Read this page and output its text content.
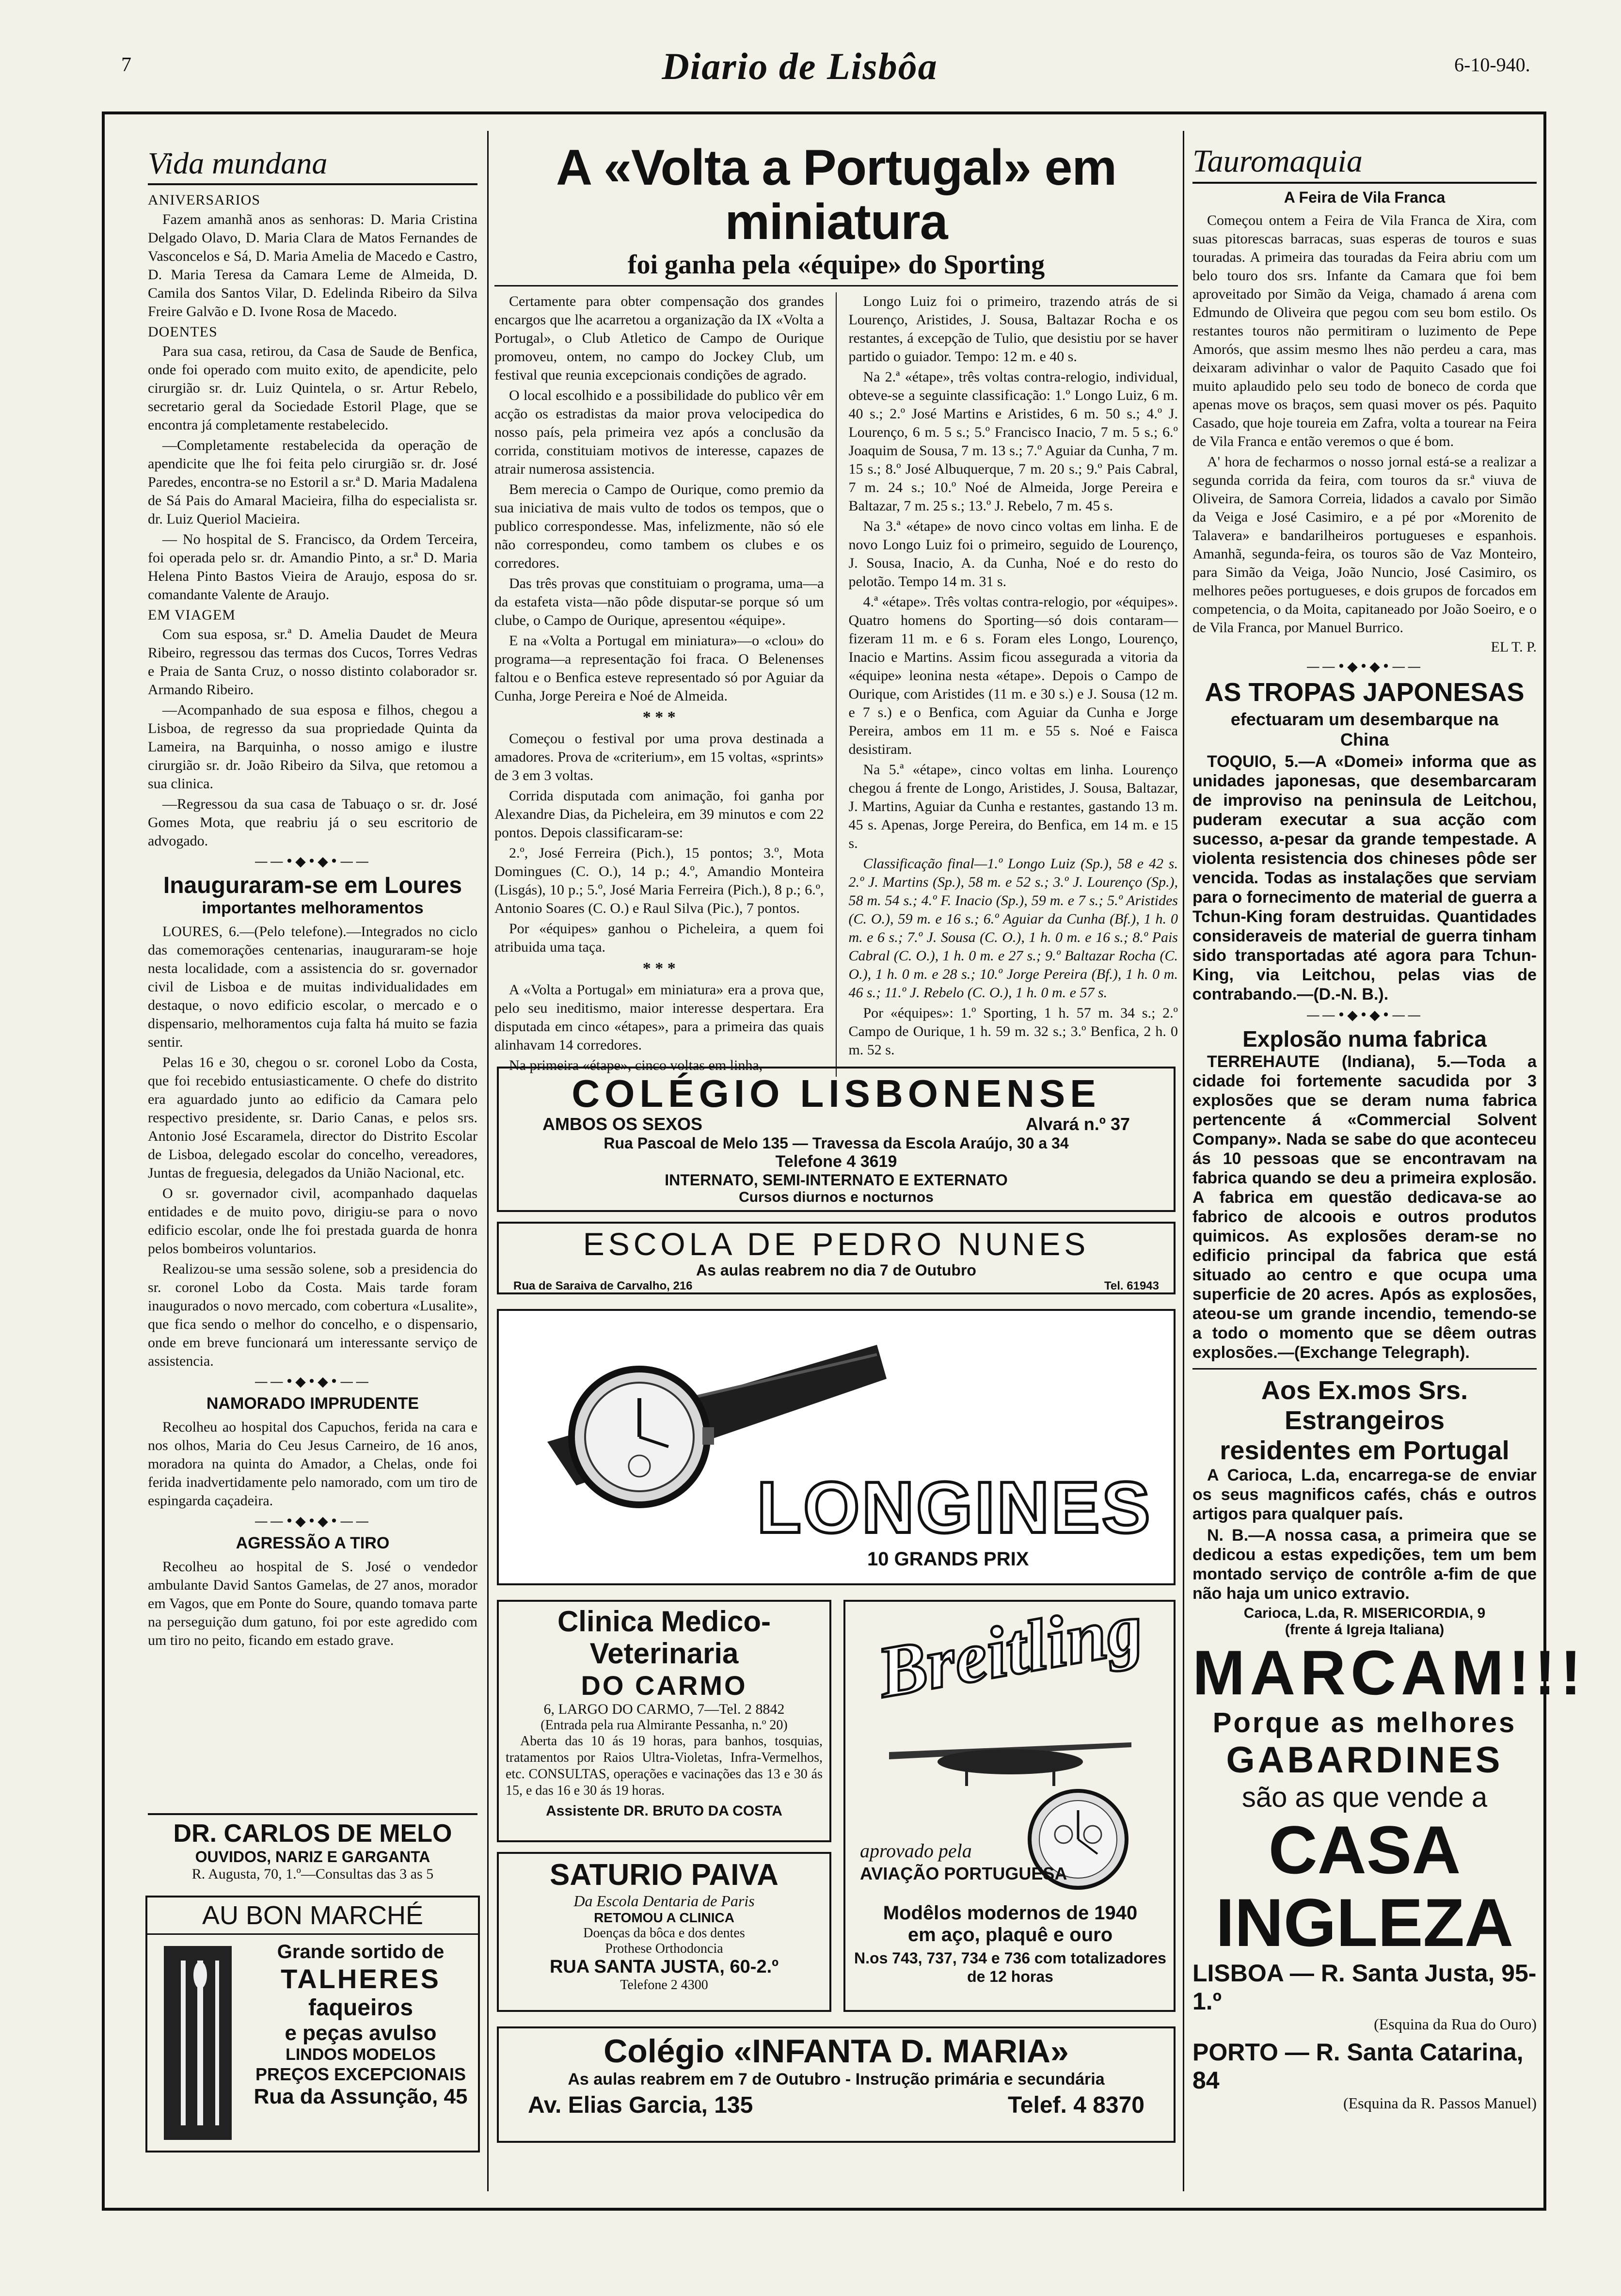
7	Diario de Lisbôa	6-10-940.
Vida mundana
ANIVERSARIOS

Fazem amanhã anos as senhoras: D. Maria Cristina Delgado Olavo, D. Maria Clara de Matos Fernandes de Vasconcelos e Sá, D. Maria Amelia de Macedo e Castro, D. Maria Teresa da Camara Leme de Almeida, D. Camila dos Santos Vilar, D. Edelinda Ribeiro da Silva Freire Galvão e D. Ivone Rosa de Macedo.

DOENTES

Para sua casa, retirou, da Casa de Saude de Benfica, onde foi operado com muito exito, de apendicite, pelo cirurgião sr. dr. Luiz Quintela, o sr. Artur Rebelo, secretario geral da Sociedade Estoril Plage, que se encontra já completamente restabelecido.

—Completamente restabelecida da operação de apendicite que lhe foi feita pelo cirurgião sr. dr. José Paredes, encontra-se no Estoril a sr.ª D. Maria Madalena de Sá Pais do Amaral Macieira, filha do especialista sr. dr. Luiz Queriol Macieira.

— No hospital de S. Francisco, da Ordem Terceira, foi operada pelo sr. dr. Amandio Pinto, a sr.ª D. Maria Helena Pinto Bastos Vieira de Araujo, esposa do sr. comandante Valente de Araujo.

EM VIAGEM

Com sua esposa, sr.ª D. Amelia Daudet de Meura Ribeiro, regressou das termas dos Cucos, Torres Vedras e Praia de Santa Cruz, o nosso distinto colaborador sr. Armando Ribeiro.

—Acompanhado de sua esposa e filhos, chegou a Lisboa, de regresso da sua propriedade Quinta da Lameira, na Barquinha, o nosso amigo e ilustre cirurgião sr. dr. João Ribeiro da Silva, que retomou a sua clinica.

—Regressou da sua casa de Tabuaço o sr. dr. José Gomes Mota, que reabriu já o seu escritorio de advogado.

——•◆•◆•——
Inauguraram-se em Loures
importantes melhoramentos

LOURES, 6.—(Pelo telefone).—Integrados no ciclo das comemorações centenarias, inauguraram-se hoje nesta localidade, com a assistencia do sr. governador civil de Lisboa e de muitas individualidades em destaque, o novo edificio escolar, o mercado e o dispensario, melhoramentos cuja falta há muito se fazia sentir.

Pelas 16 e 30, chegou o sr. coronel Lobo da Costa, que foi recebido entusiasticamente. O chefe do distrito era aguardado junto ao edificio da Camara pelo respectivo presidente, sr. Dario Canas, e pelos srs. Antonio José Escaramela, director do Distrito Escolar de Lisboa, delegado escolar do concelho, vereadores, Juntas de freguesia, delegados da União Nacional, etc.

O sr. governador civil, acompanhado daquelas entidades e de muito povo, dirigiu-se para o novo edificio escolar, onde lhe foi prestada guarda de honra pelos bombeiros voluntarios.

Realizou-se uma sessão solene, sob a presidencia do sr. coronel Lobo da Costa. Mais tarde foram inaugurados o novo mercado, com cobertura «Lusalite», que fica sendo o melhor do concelho, e o dispensario, onde em breve funcionará um interessante serviço de assistencia.

——•◆•◆•——
NAMORADO IMPRUDENTE

Recolheu ao hospital dos Capuchos, ferida na cara e nos olhos, Maria do Ceu Jesus Carneiro, de 16 anos, moradora na quinta do Amador, a Chelas, onde foi ferida inadvertidamente pelo namorado, com um tiro de espingarda caçadeira.

——•◆•◆•——
AGRESSÃO A TIRO

Recolheu ao hospital de S. José o vendedor ambulante David Santos Gamelas, de 27 anos, morador em Vagos, que em Ponte do Soure, quando tomava parte na perseguição dum gatuno, foi por este agredido com um tiro no peito, ficando em estado grave.

DR. CARLOS DE MELO
OUVIDOS, NARIZ E GARGANTA
R. Augusta, 70, 1.º—Consultas das 3 as 5
AU BON MARCHÉ
Grande sortido de
TALHERES
faqueiros
e peças avulso
LINDOS MODELOS
PREÇOS EXCEPCIONAIS
Rua da Assunção, 45
A «Volta a Portugal» em miniatura
foi ganha pela «équipe» do Sporting

Certamente para obter compensação dos grandes encargos que lhe acarretou a organização da IX «Volta a Portugal», o Club Atletico de Campo de Ourique promoveu, ontem, no campo do Jockey Club, um festival que reunia excepcionais condições de agrado.

O local escolhido e a possibilidade do publico vêr em acção os estradistas da maior prova velocipedica do nosso país, pela primeira vez após a conclusão da corrida, constituiam motivos de interesse, capazes de atrair numerosa assistencia.

Bem merecia o Campo de Ourique, como premio da sua iniciativa de mais vulto de todos os tempos, que o publico correspondesse. Mas, infelizmente, não só ele não correspondeu, como tambem os clubes e os corredores.

Das três provas que constituiam o programa, uma—a da estafeta vista—não pôde disputar-se porque só um clube, o Campo de Ourique, apresentou «équipe».

E na «Volta a Portugal em miniatura»—o «clou» do programa—a representação foi fraca. O Belenenses faltou e o Benfica esteve representado só por Aguiar da Cunha, Jorge Pereira e Noé de Almeida.

* * *

Começou o festival por uma prova destinada a amadores. Prova de «criterium», em 15 voltas, «sprints» de 3 em 3 voltas.

Corrida disputada com animação, foi ganha por Alexandre Dias, da Picheleira, em 39 minutos e com 22 pontos. Depois classificaram-se:

2.º, José Ferreira (Pich.), 15 pontos; 3.º, Mota Domingues (C. O.), 14 p.; 4.º, Amandio Monteira (Lisgás), 10 p.; 5.º, José Maria Ferreira (Pich.), 8 p.; 6.º, Antonio Soares (C. O.) e Raul Silva (Pic.), 7 pontos.

Por «équipes» ganhou o Picheleira, a quem foi atribuida uma taça.

* * *

A «Volta a Portugal» em miniatura» era a prova que, pelo seu ineditismo, maior interesse despertara. Era disputada em cinco «étapes», para a primeira das quais alinhavam 14 corredores.

Na primeira «étape», cinco voltas em linha,

Longo Luiz foi o primeiro, trazendo atrás de si Lourenço, Aristides, J. Sousa, Baltazar Rocha e os restantes, á excepção de Tulio, que desistiu por se haver partido o guiador. Tempo: 12 m. e 40 s.

Na 2.ª «étape», três voltas contra-relogio, individual, obteve-se a seguinte classificação: 1.º Longo Luiz, 6 m. 40 s.; 2.º José Martins e Aristides, 6 m. 50 s.; 4.º J. Lourenço, 6 m. 5 s.; 5.º Francisco Inacio, 7 m. 5 s.; 6.º Joaquim de Sousa, 7 m. 13 s.; 7.º Aguiar da Cunha, 7 m. 15 s.; 8.º José Albuquerque, 7 m. 20 s.; 9.º Pais Cabral, 7 m. 24 s.; 10.º Noé de Almeida, Jorge Pereira e Baltazar, 7 m. 25 s.; 13.º J. Rebelo, 7 m. 45 s.

Na 3.ª «étape» de novo cinco voltas em linha. E de novo Longo Luiz foi o primeiro, seguido de Lourenço, J. Sousa, Inacio, A. da Cunha, Noé e do resto do pelotão. Tempo 14 m. 31 s.

4.ª «étape». Três voltas contra-relogio, por «équipes». Quatro homens do Sporting—só dois contaram—fizeram 11 m. e 6 s. Foram eles Longo, Lourenço, Inacio e Martins. Assim ficou assegurada a vitoria da «équipe» leonina nesta «étape». Depois o Campo de Ourique, com Aristides (11 m. e 30 s.) e J. Sousa (12 m. e 7 s.) e o Benfica, com Aguiar da Cunha e Jorge Pereira, ambos em 11 m. e 55 s. Noé e Faisca desistiram.

Na 5.ª «étape», cinco voltas em linha. Lourenço chegou á frente de Longo, Aristides, J. Sousa, Baltazar, J. Martins, Aguiar da Cunha e restantes, gastando 13 m. 45 s. Apenas, Jorge Pereira, do Benfica, em 14 m. e 15 s.

Classificação final—1.º Longo Luiz (Sp.), 58 e 42 s. 2.º J. Martins (Sp.), 58 m. e 52 s.; 3.º J. Lourenço (Sp.), 58 m. 54 s.; 4.º F. Inacio (Sp.), 59 m. e 7 s.; 5.º Aristides (C. O.), 59 m. e 16 s.; 6.º Aguiar da Cunha (Bf.), 1 h. 0 m. e 6 s.; 7.º J. Sousa (C. O.), 1 h. 0 m. e 16 s.; 8.º Pais Cabral (C. O.), 1 h. 0 m. e 27 s.; 9.º Baltazar Rocha (C. O.), 1 h. 0 m. e 28 s.; 10.º Jorge Pereira (Bf.), 1 h. 0 m. 46 s.; 11.º J. Rebelo (C. O.), 1 h. 0 m. e 57 s.

Por «équipes»: 1.º Sporting, 1 h. 57 m. 34 s.; 2.º Campo de Ourique, 1 h. 59 m. 32 s.; 3.º Benfica, 2 h. 0 m. 52 s.

COLÉGIO LISBONENSE
AMBOS OS SEXOS	Alvará n.º 37
Rua Pascoal de Melo 135 — Travessa da Escola Araújo, 30 a 34
Telefone 4 3619
INTERNATO, SEMI-INTERNATO E EXTERNATO
Cursos diurnos e nocturnos
ESCOLA DE PEDRO NUNES
As aulas reabrem no dia 7 de Outubro
Rua de Saraiva de Carvalho, 216	Tel. 61943
LONGINES
10 GRANDS PRIX
Clinica Medico-Veterinaria
DO CARMO
6, LARGO DO CARMO, 7—Tel. 2 8842
(Entrada pela rua Almirante Pessanha, n.º 20)

Aberta das 10 ás 19 horas, para banhos, tosquias, tratamentos por Raios Ultra-Violetas, Infra-Vermelhos, etc. CONSULTAS, operações e vacinações das 13 e 30 ás 15, e das 16 e 30 ás 19 horas.

Assistente DR. BRUTO DA COSTA
SATURIO PAIVA
Da Escola Dentaria de Paris
RETOMOU A CLINICA
Doenças da bôca e dos dentes
Prothese Orthodoncia
RUA SANTA JUSTA, 60-2.º
Telefone 2 4300
Breitling
aprovado pela
AVIAÇÃO PORTUGUESA
Modêlos modernos de 1940
em aço, plaquê e ouro
N.os 743, 737, 734 e 736 com totalizadores de 12 horas
Colégio «INFANTA D. MARIA»
As aulas reabrem em 7 de Outubro - Instrução primária e secundária
Av. Elias Garcia, 135	Telef. 4 8370
Tauromaquia
A Feira de Vila Franca

Começou ontem a Feira de Vila Franca de Xira, com suas pitorescas barracas, suas esperas de touros e suas touradas. A primeira das touradas da Feira abriu com um belo touro dos srs. Infante da Camara que foi bem aproveitado por Simão da Veiga, chamado á arena com Edmundo de Oliveira que pegou com seu bom estilo. Os restantes touros não permitiram o luzimento de Pepe Amorós, que assim mesmo lhes não perdeu a cara, mas deixaram adivinhar o valor de Paquito Casado que foi muito aplaudido pelo seu todo de boneco de corda que apenas move os braços, sem quasi mover os pés. Paquito Casado, que hoje toureia em Zafra, volta a tourear na Feira de Vila Franca e então veremos o que é bom.

A' hora de fecharmos o nosso jornal está-se a realizar a segunda corrida da feira, com touros da sr.ª viuva de Oliveira, de Samora Correia, lidados a cavalo por Simão da Veiga e José Casimiro, e a pé por «Morenito de Talavera» e bandarilheiros portugueses e espanhois. Amanhã, segunda-feira, os touros são de Vaz Monteiro, para Simão da Veiga, João Nuncio, José Casimiro, os melhores peões portugueses, e dois grupos de forcados em competencia, o da Moita, capitaneado por João Soeiro, e o de Vila Franca, por Manuel Burrico.

EL T. P.
——•◆•◆•——
AS TROPAS JAPONESAS
efectuaram um desembarque na China

TOQUIO, 5.—A «Domei» informa que as unidades japonesas, que desembarcaram de improviso na peninsula de Leitchou, puderam executar a sua acção com sucesso, a-pesar da grande tempestade. A violenta resistencia dos chineses pôde ser vencida. Todas as instalações que serviam para o fornecimento de material de guerra a Tchun-King foram destruidas. Quantidades consideraveis de material de guerra tinham sido transportadas até agora para Tchun-King, via Leitchou, pelas vias de contrabando.—(D.-N. B.).

——•◆•◆•——
Explosão numa fabrica

TERREHAUTE (Indiana), 5.—Toda a cidade foi fortemente sacudida por 3 explosões que se deram numa fabrica pertencente á «Commercial Solvent Company». Nada se sabe do que aconteceu ás 10 pessoas que se encontravam na fabrica quando se deu a primeira explosão. A fabrica em questão dedicava-se ao fabrico de alcoois e outros produtos quimicos. As explosões deram-se no edificio principal da fabrica que está situado ao centro e que ocupa uma superficie de 20 acres. Após as explosões, ateou-se um grande incendio, temendo-se a todo o momento que se dêem outras explosões.—(Exchange Telegraph).

Aos Ex.mos Srs. Estrangeiros
residentes em Portugal

A Carioca, L.da, encarrega-se de enviar os seus magnificos cafés, chás e outros artigos para qualquer país.

N. B.—A nossa casa, a primeira que se dedicou a estas expedições, tem um bem montado serviço de contrôle a-fim de que não haja um unico extravio.

Carioca, L.da, R. MISERICORDIA, 9
(frente á Igreja Italiana)
MARCAM!!!
Porque as melhores
GABARDINES
são as que vende a
CASA INGLEZA
LISBOA — R. Santa Justa, 95-1.º
(Esquina da Rua do Ouro)
PORTO — R. Santa Catarina, 84
(Esquina da R. Passos Manuel)
